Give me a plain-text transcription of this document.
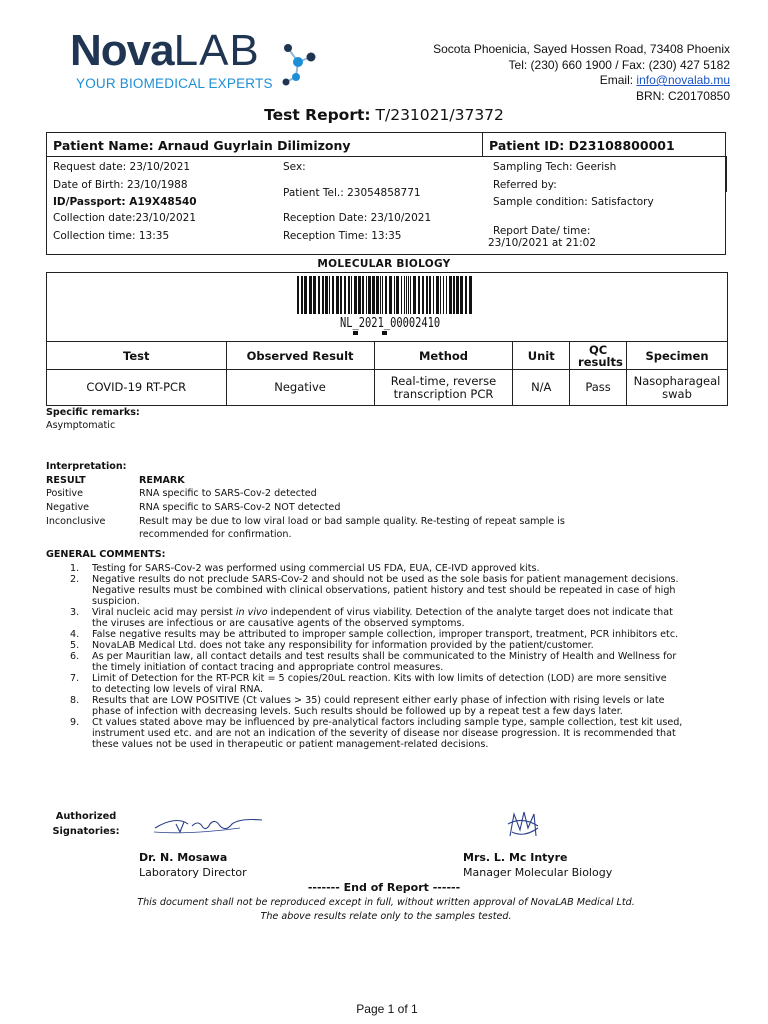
NovaLAB
YOUR BIOMEDICAL EXPERTS
Socota Phoenicia, Sayed Hossen Road, 73408 Phoenix
Tel: (230) 660 1900 / Fax: (230) 427 5182
Email: info@novalab.mu
BRN: C20170850
Test Report: T/231021/37372
Patient Name: Arnaud Guyrlain Dilimizony	Patient ID: D23108800001
Request date: 23/10/2021
Date of Birth: 23/10/1988
ID/Passport: A19X48540
Collection date:23/10/2021
Collection time: 13:35
Sex:
Patient Tel.: 23054858771
Reception Date: 23/10/2021
Reception Time: 13:35
Sampling Tech: Geerish
Referred by:
Sample condition: Satisfactory
Report Date/ time:
23/10/2021 at 21:02
MOLECULAR BIOLOGY
NL_2021_00002410
Test	Observed Result	Method	Unit	QC results	Specimen
COVID-19 RT-PCR	Negative	Real-time, reverse transcription PCR	N/A	Pass	Nasopharageal swab
Specific remarks:
Asymptomatic
Interpretation:
RESULT	REMARK
Positive	RNA specific to SARS-Cov-2 detected
Negative	RNA specific to SARS-Cov-2 NOT detected
Inconclusive	Result may be due to low viral load or bad sample quality. Re-testing of repeat sample is
recommended for confirmation.
GENERAL COMMENTS:
1. Testing for SARS-Cov-2 was performed using commercial US FDA, EUA, CE-IVD approved kits.
2. Negative results do not preclude SARS-Cov-2 and should not be used as the sole basis for patient management decisions.
Negative results must be combined with clinical observations, patient history and test should be repeated in case of high
suspicion.
3. Viral nucleic acid may persist in vivo independent of virus viability. Detection of the analyte target does not indicate that
the viruses are infectious or are causative agents of the observed symptoms.
4. False negative results may be attributed to improper sample collection, improper transport, treatment, PCR inhibitors etc.
5. NovaLAB Medical Ltd. does not take any responsibility for information provided by the patient/customer.
6. As per Mauritian law, all contact details and test results shall be communicated to the Ministry of Health and Wellness for
the timely initiation of contact tracing and appropriate control measures.
7. Limit of Detection for the RT-PCR kit = 5 copies/20uL reaction. Kits with low limits of detection (LOD) are more sensitive
to detecting low levels of viral RNA.
8. Results that are LOW POSITIVE (Ct values > 35) could represent either early phase of infection with rising levels or late
phase of infection with decreasing levels. Such results should be followed up by a repeat test a few days later.
9. Ct values stated above may be influenced by pre-analytical factors including sample type, sample collection, test kit used,
instrument used etc. and are not an indication of the severity of disease nor disease progression. It is recommended that
these values not be used in therapeutic or patient management-related decisions.
Authorized
Signatories:
Dr. N. Mosawa
Laboratory Director
Mrs. L. Mc Intyre
Manager Molecular Biology
------- End of Report ------
This document shall not be reproduced except in full, without written approval of NovaLAB Medical Ltd.
The above results relate only to the samples tested.
Page 1 of 1
